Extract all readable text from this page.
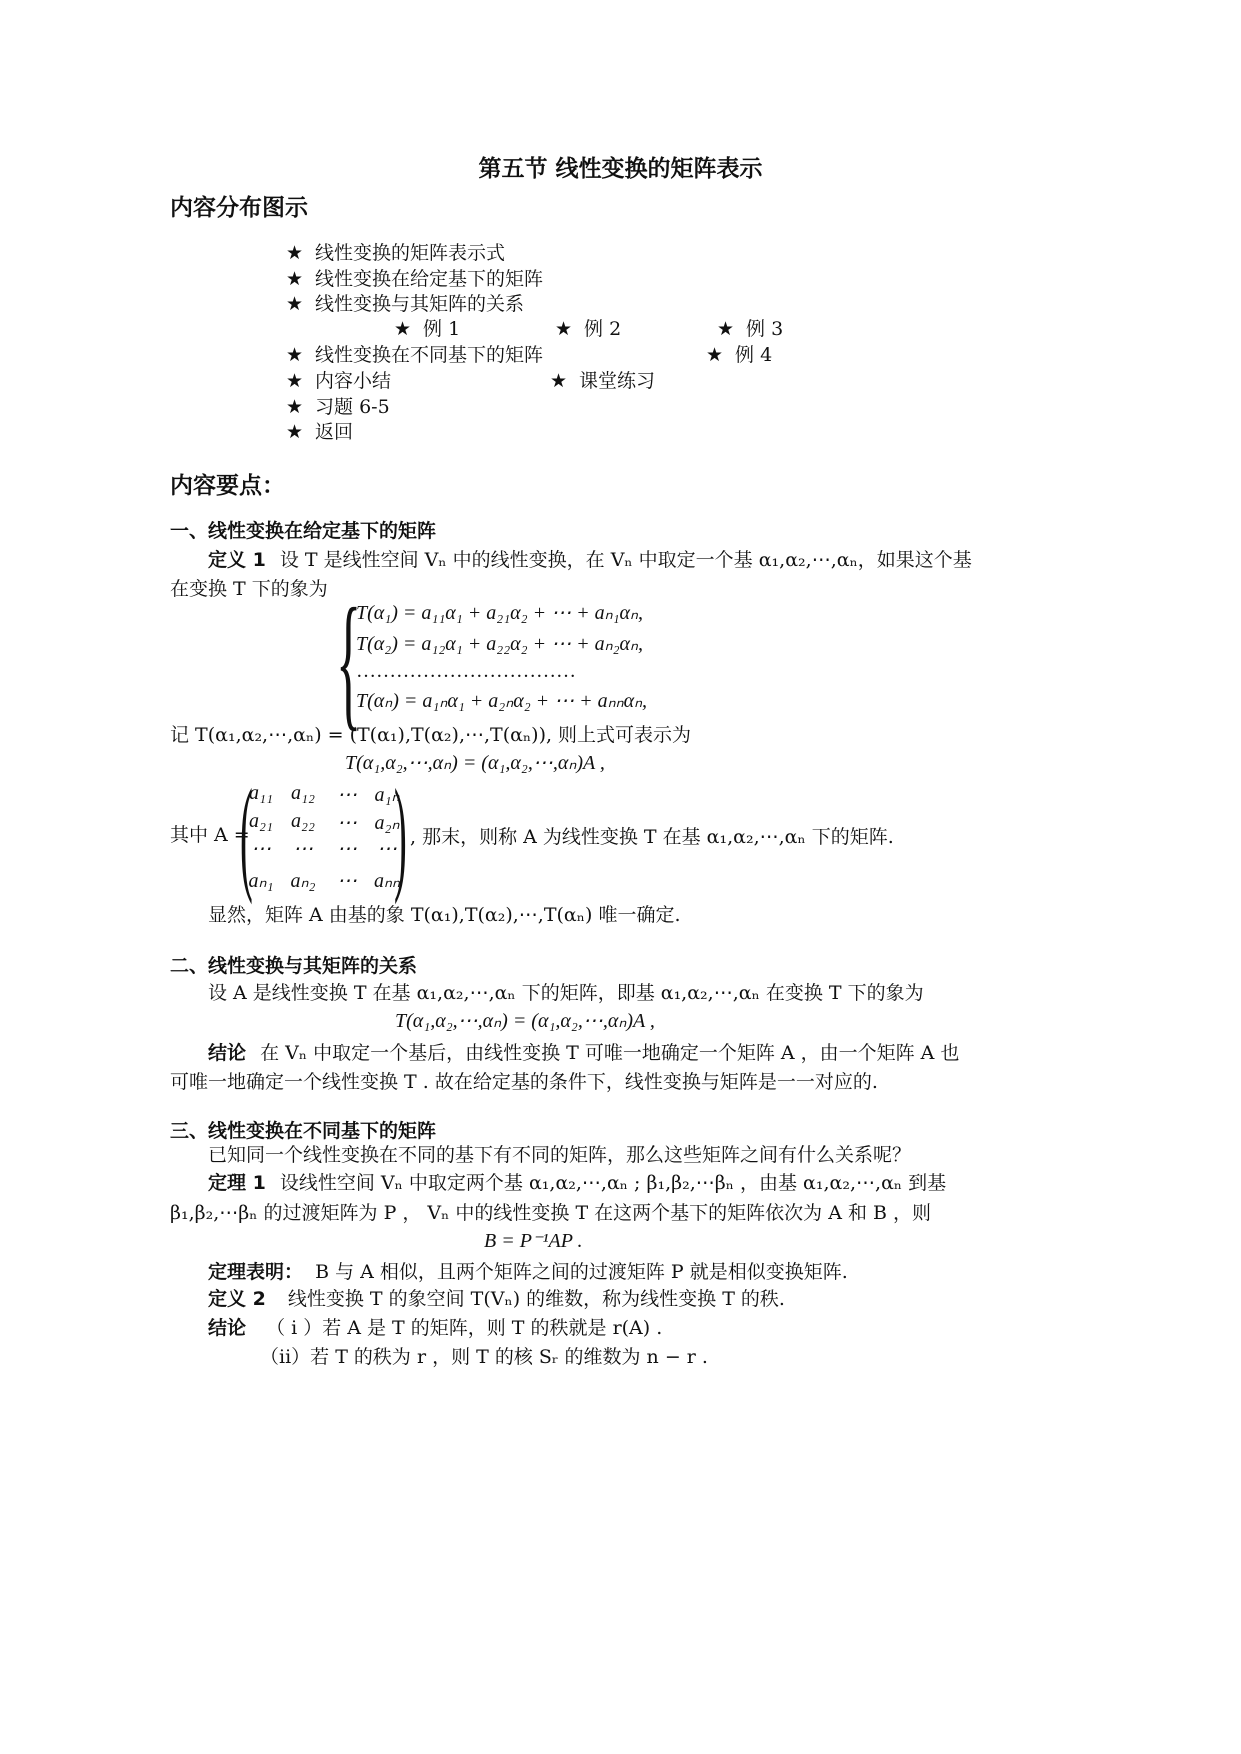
第五节 线性变换的矩阵表示
内容分布图示
★ 线性变换的矩阵表示式
★ 线性变换在给定基下的矩阵
★ 线性变换与其矩阵的关系
★ 例 1	★ 例 2	★ 例 3
★ 线性变换在不同基下的矩阵	★ 例 4
★ 内容小结	★ 课堂练习
★ 习题 6-5
★ 返回
内容要点：
一、线性变换在给定基下的矩阵
定义 1 设 T 是线性空间 Vₙ 中的线性变换，在 Vₙ 中取定一个基 α₁,α₂,⋯,αₙ，如果这个基
在变换 T 下的象为 {
T(α₁) = a₁₁α₁ + a₂₁α₂ + ⋯ + aₙ₁αₙ,
T(α₂) = a₁₂α₁ + a₂₂α₂ + ⋯ + aₙ₂αₙ,
……………………………
T(αₙ) = a₁ₙα₁ + a₂ₙα₂ + ⋯ + aₙₙαₙ,
记 T(α₁,α₂,⋯,αₙ) = (T(α₁),T(α₂),⋯,T(αₙ)), 则上式可表示为
T(α₁,α₂,⋯,αₙ) = (α₁,α₂,⋯,αₙ)A ,
其中 A =
( )
a₁₁ a₁₂	⋯ a₁ₙ
a₂₁ a₂₂	⋯ a₂ₙ
⋯	⋯	⋯	⋯
aₙ₁ aₙ₂	⋯ aₙₙ
, 那末，则称 A 为线性变换 T 在基 α₁,α₂,⋯,αₙ 下的矩阵.
显然，矩阵 A 由基的象 T(α₁),T(α₂),⋯,T(αₙ) 唯一确定.
二、线性变换与其矩阵的关系
设 A 是线性变换 T 在基 α₁,α₂,⋯,αₙ 下的矩阵，即基 α₁,α₂,⋯,αₙ 在变换 T 下的象为
T(α₁,α₂,⋯,αₙ) = (α₁,α₂,⋯,αₙ)A ,
结论 在 Vₙ 中取定一个基后，由线性变换 T 可唯一地确定一个矩阵 A ，由一个矩阵 A 也
可唯一地确定一个线性变换 T . 故在给定基的条件下，线性变换与矩阵是一一对应的.
三、线性变换在不同基下的矩阵
已知同一个线性变换在不同的基下有不同的矩阵，那么这些矩阵之间有什么关系呢？
定理 1 设线性空间 Vₙ 中取定两个基 α₁,α₂,⋯,αₙ ; β₁,β₂,⋯βₙ ，由基 α₁,α₂,⋯,αₙ 到基
β₁,β₂,⋯βₙ 的过渡矩阵为 P ， Vₙ 中的线性变换 T 在这两个基下的矩阵依次为 A 和 B ，则
B = P⁻¹AP .
定理表明： B 与 A 相似，且两个矩阵之间的过渡矩阵 P 就是相似变换矩阵.
定义 2 线性变换 T 的象空间 T(Vₙ) 的维数，称为线性变换 T 的秩.
结论 （ i ）若 A 是 T 的矩阵，则 T 的秩就是 r(A) .
（ii）若 T 的秩为 r ，则 T 的核 Sᵣ 的维数为 n − r .
